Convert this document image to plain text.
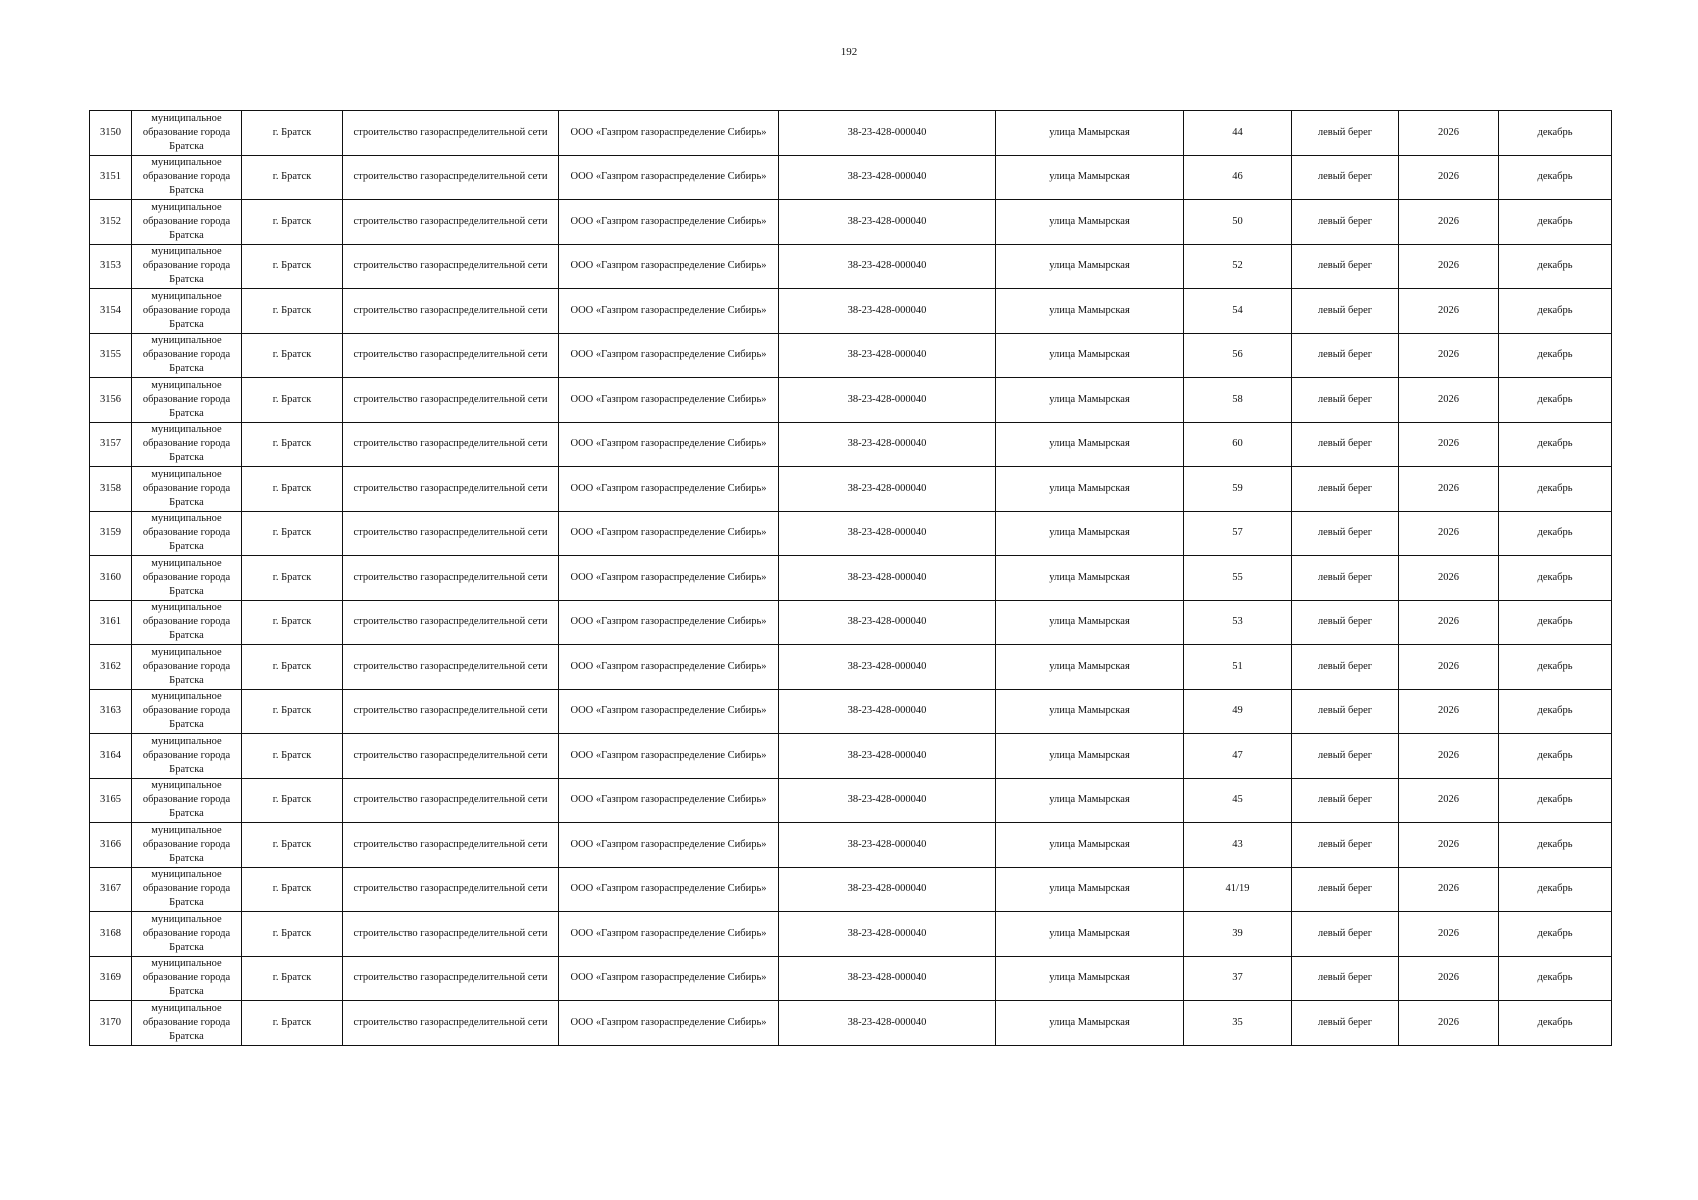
192
3150	муниципальное образование города Братска	г. Братск	строительство газораспределительной сети	ООО «Газпром газораспределение Сибирь»	38-23-428-000040	улица Мамырская	44	левый берег	2026	декабрь
3151	муниципальное образование города Братска	г. Братск	строительство газораспределительной сети	ООО «Газпром газораспределение Сибирь»	38-23-428-000040	улица Мамырская	46	левый берег	2026	декабрь
3152	муниципальное образование города Братска	г. Братск	строительство газораспределительной сети	ООО «Газпром газораспределение Сибирь»	38-23-428-000040	улица Мамырская	50	левый берег	2026	декабрь
3153	муниципальное образование города Братска	г. Братск	строительство газораспределительной сети	ООО «Газпром газораспределение Сибирь»	38-23-428-000040	улица Мамырская	52	левый берег	2026	декабрь
3154	муниципальное образование города Братска	г. Братск	строительство газораспределительной сети	ООО «Газпром газораспределение Сибирь»	38-23-428-000040	улица Мамырская	54	левый берег	2026	декабрь
3155	муниципальное образование города Братска	г. Братск	строительство газораспределительной сети	ООО «Газпром газораспределение Сибирь»	38-23-428-000040	улица Мамырская	56	левый берег	2026	декабрь
3156	муниципальное образование города Братска	г. Братск	строительство газораспределительной сети	ООО «Газпром газораспределение Сибирь»	38-23-428-000040	улица Мамырская	58	левый берег	2026	декабрь
3157	муниципальное образование города Братска	г. Братск	строительство газораспределительной сети	ООО «Газпром газораспределение Сибирь»	38-23-428-000040	улица Мамырская	60	левый берег	2026	декабрь
3158	муниципальное образование города Братска	г. Братск	строительство газораспределительной сети	ООО «Газпром газораспределение Сибирь»	38-23-428-000040	улица Мамырская	59	левый берег	2026	декабрь
3159	муниципальное образование города Братска	г. Братск	строительство газораспределительной сети	ООО «Газпром газораспределение Сибирь»	38-23-428-000040	улица Мамырская	57	левый берег	2026	декабрь
3160	муниципальное образование города Братска	г. Братск	строительство газораспределительной сети	ООО «Газпром газораспределение Сибирь»	38-23-428-000040	улица Мамырская	55	левый берег	2026	декабрь
3161	муниципальное образование города Братска	г. Братск	строительство газораспределительной сети	ООО «Газпром газораспределение Сибирь»	38-23-428-000040	улица Мамырская	53	левый берег	2026	декабрь
3162	муниципальное образование города Братска	г. Братск	строительство газораспределительной сети	ООО «Газпром газораспределение Сибирь»	38-23-428-000040	улица Мамырская	51	левый берег	2026	декабрь
3163	муниципальное образование города Братска	г. Братск	строительство газораспределительной сети	ООО «Газпром газораспределение Сибирь»	38-23-428-000040	улица Мамырская	49	левый берег	2026	декабрь
3164	муниципальное образование города Братска	г. Братск	строительство газораспределительной сети	ООО «Газпром газораспределение Сибирь»	38-23-428-000040	улица Мамырская	47	левый берег	2026	декабрь
3165	муниципальное образование города Братска	г. Братск	строительство газораспределительной сети	ООО «Газпром газораспределение Сибирь»	38-23-428-000040	улица Мамырская	45	левый берег	2026	декабрь
3166	муниципальное образование города Братска	г. Братск	строительство газораспределительной сети	ООО «Газпром газораспределение Сибирь»	38-23-428-000040	улица Мамырская	43	левый берег	2026	декабрь
3167	муниципальное образование города Братска	г. Братск	строительство газораспределительной сети	ООО «Газпром газораспределение Сибирь»	38-23-428-000040	улица Мамырская	41/19	левый берег	2026	декабрь
3168	муниципальное образование города Братска	г. Братск	строительство газораспределительной сети	ООО «Газпром газораспределение Сибирь»	38-23-428-000040	улица Мамырская	39	левый берег	2026	декабрь
3169	муниципальное образование города Братска	г. Братск	строительство газораспределительной сети	ООО «Газпром газораспределение Сибирь»	38-23-428-000040	улица Мамырская	37	левый берег	2026	декабрь
3170	муниципальное образование города Братска	г. Братск	строительство газораспределительной сети	ООО «Газпром газораспределение Сибирь»	38-23-428-000040	улица Мамырская	35	левый берег	2026	декабрь
